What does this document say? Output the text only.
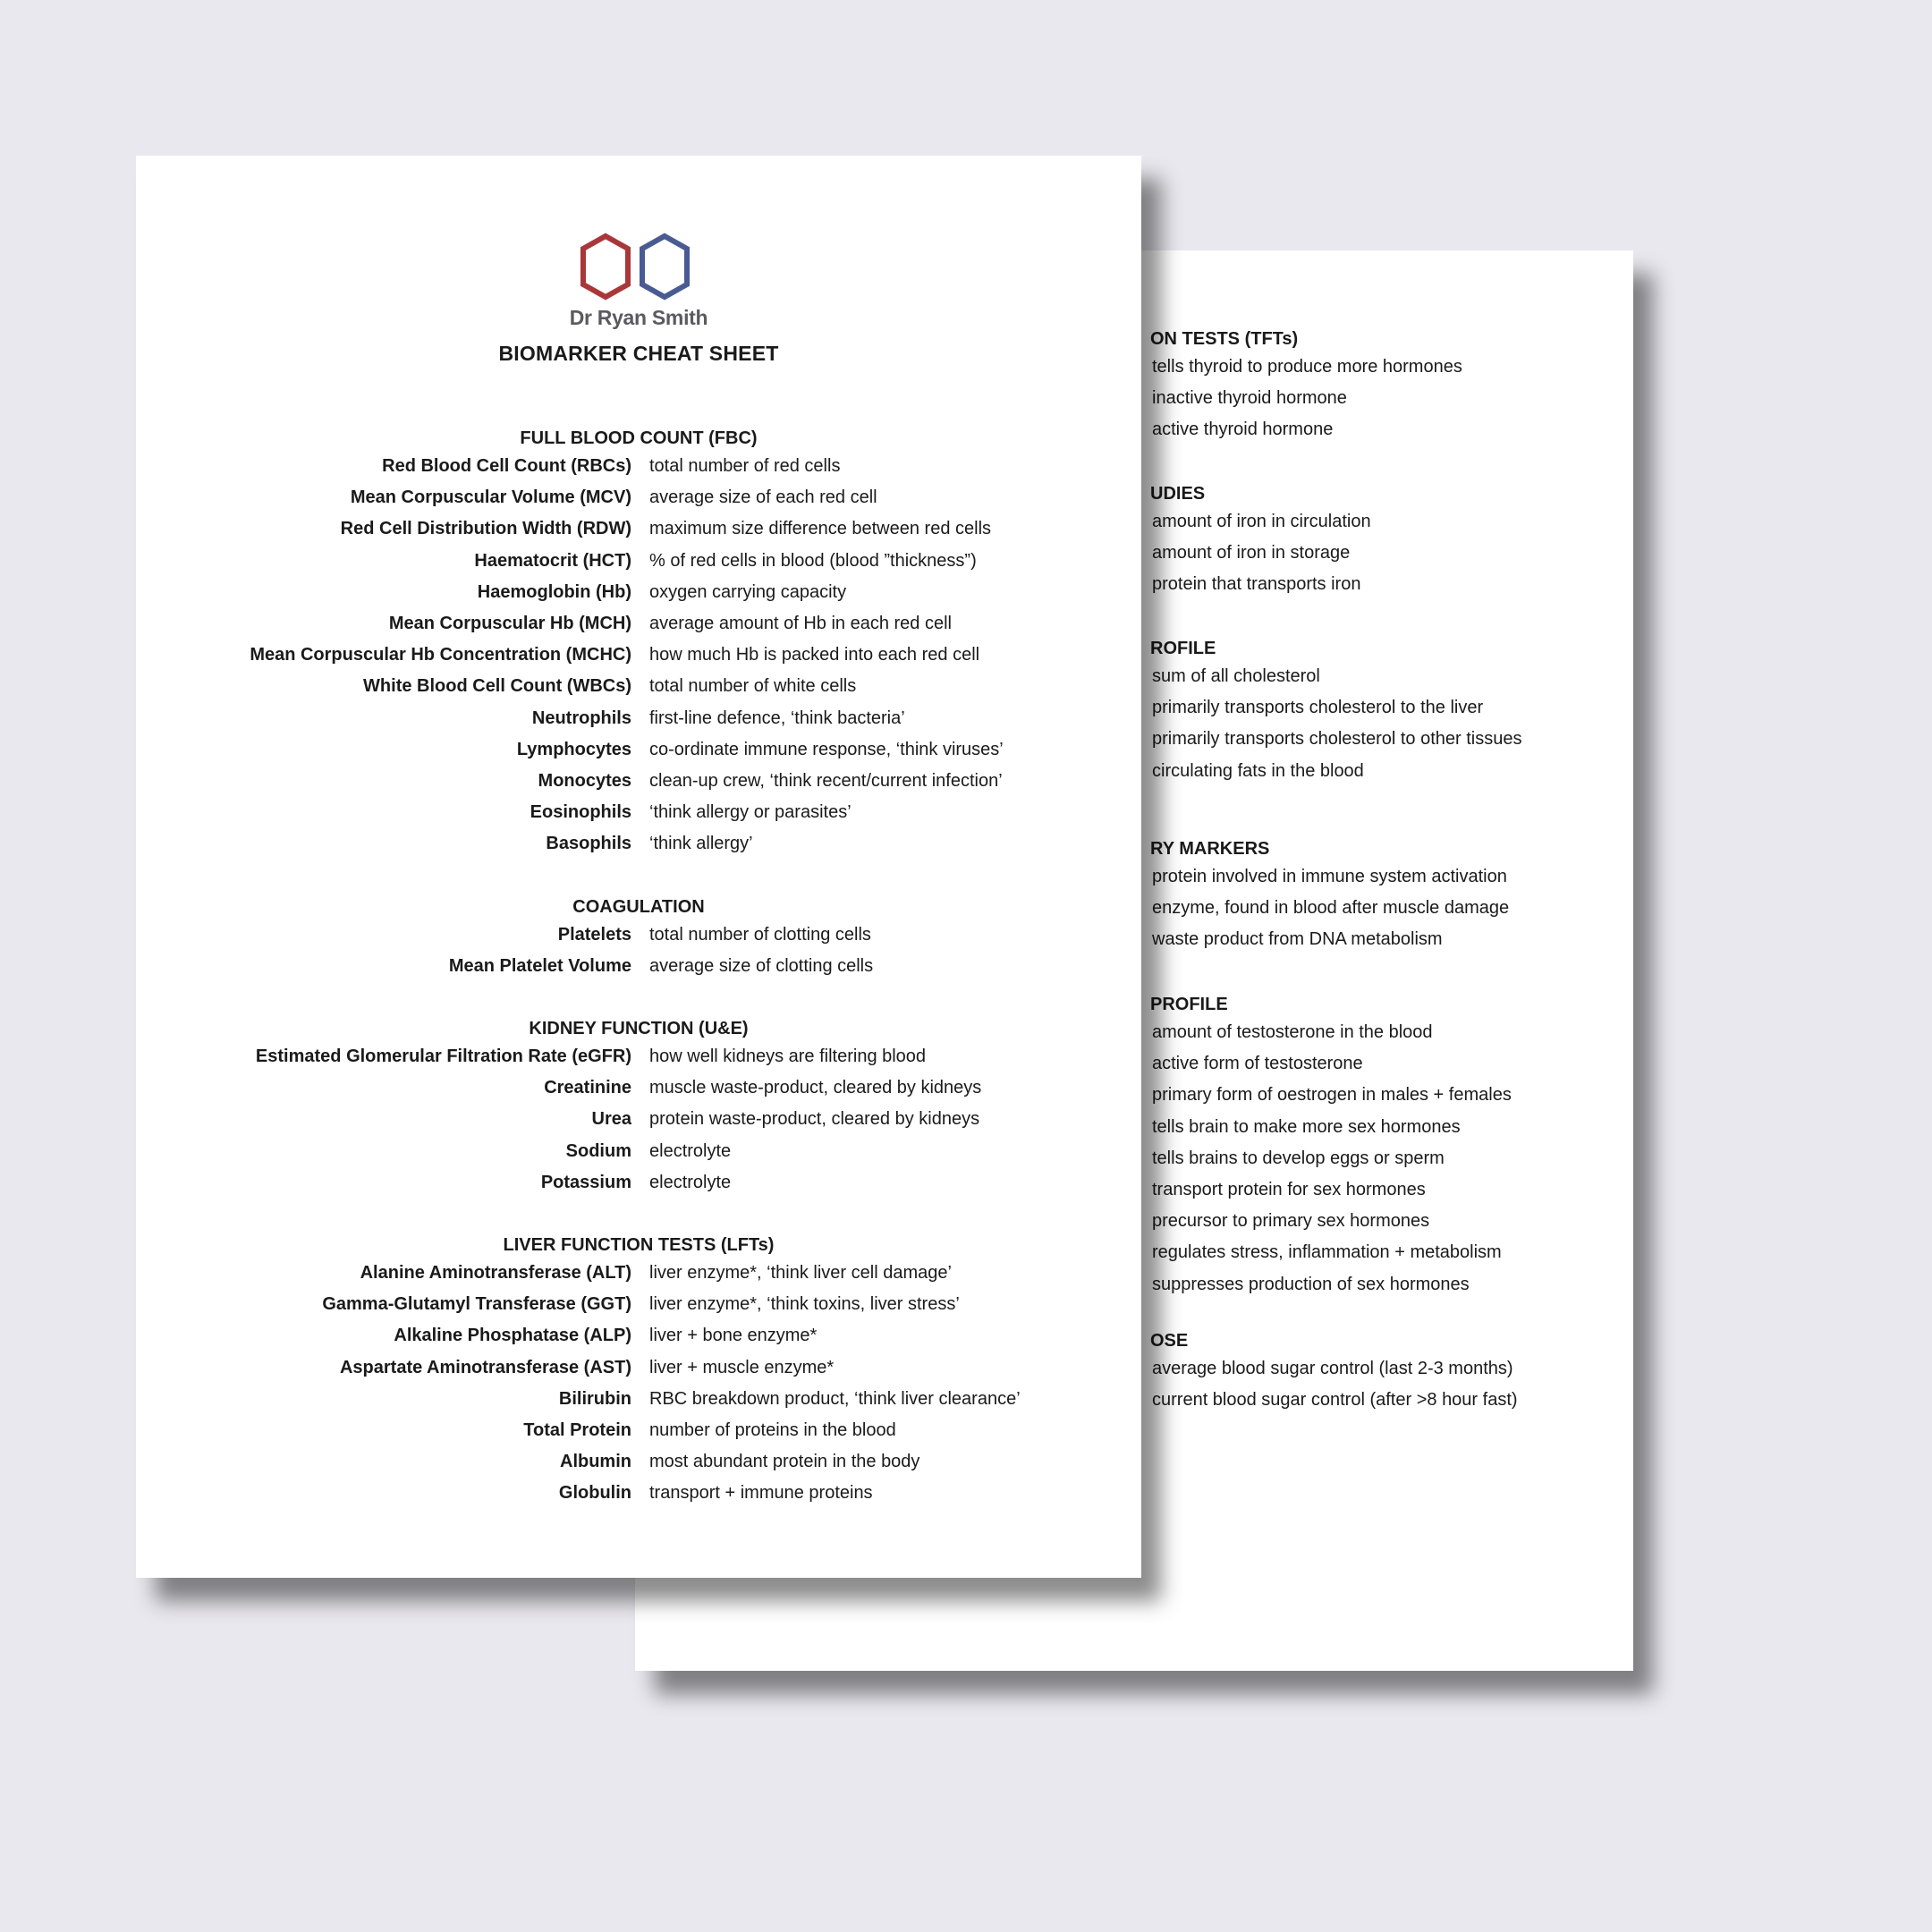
ON TESTS (TFTs)
tells thyroid to produce more hormones
inactive thyroid hormone
active thyroid hormone
UDIES
amount of iron in circulation
amount of iron in storage
protein that transports iron
ROFILE
sum of all cholesterol
primarily transports cholesterol to the liver
primarily transports cholesterol to other tissues
circulating fats in the blood
RY MARKERS
protein involved in immune system activation
enzyme, found in blood after muscle damage
waste product from DNA metabolism
PROFILE
amount of testosterone in the blood
active form of testosterone
primary form of oestrogen in males + females
tells brain to make more sex hormones
tells brains to develop eggs or sperm
transport protein for sex hormones
precursor to primary sex hormones
regulates stress, inflammation + metabolism
suppresses production of sex hormones
OSE
average blood sugar control (last 2-3 months)
current blood sugar control (after >8 hour fast)
Dr Ryan Smith
BIOMARKER CHEAT SHEET
FULL BLOOD COUNT (FBC)
Red Blood Cell Count (RBCs) total number of red cells
Mean Corpuscular Volume (MCV) average size of each red cell
Red Cell Distribution Width (RDW) maximum size difference between red cells
Haematocrit (HCT) % of red cells in blood (blood ”thickness”)
Haemoglobin (Hb) oxygen carrying capacity
Mean Corpuscular Hb (MCH) average amount of Hb in each red cell
Mean Corpuscular Hb Concentration (MCHC) how much Hb is packed into each red cell
White Blood Cell Count (WBCs) total number of white cells
Neutrophils first-line defence, ‘think bacteria’
Lymphocytes co-ordinate immune response, ‘think viruses’
Monocytes clean-up crew, ‘think recent/current infection’
Eosinophils ‘think allergy or parasites’
Basophils ‘think allergy’
COAGULATION
Platelets total number of clotting cells
Mean Platelet Volume average size of clotting cells
KIDNEY FUNCTION (U&E)
Estimated Glomerular Filtration Rate (eGFR) how well kidneys are filtering blood
Creatinine muscle waste-product, cleared by kidneys
Urea protein waste-product, cleared by kidneys
Sodium electrolyte
Potassium electrolyte
LIVER FUNCTION TESTS (LFTs)
Alanine Aminotransferase (ALT) liver enzyme*, ‘think liver cell damage’
Gamma-Glutamyl Transferase (GGT) liver enzyme*, ‘think toxins, liver stress’
Alkaline Phosphatase (ALP) liver + bone enzyme*
Aspartate Aminotransferase (AST) liver + muscle enzyme*
Bilirubin RBC breakdown product, ‘think liver clearance’
Total Protein number of proteins in the blood
Albumin most abundant protein in the body
Globulin transport + immune proteins
